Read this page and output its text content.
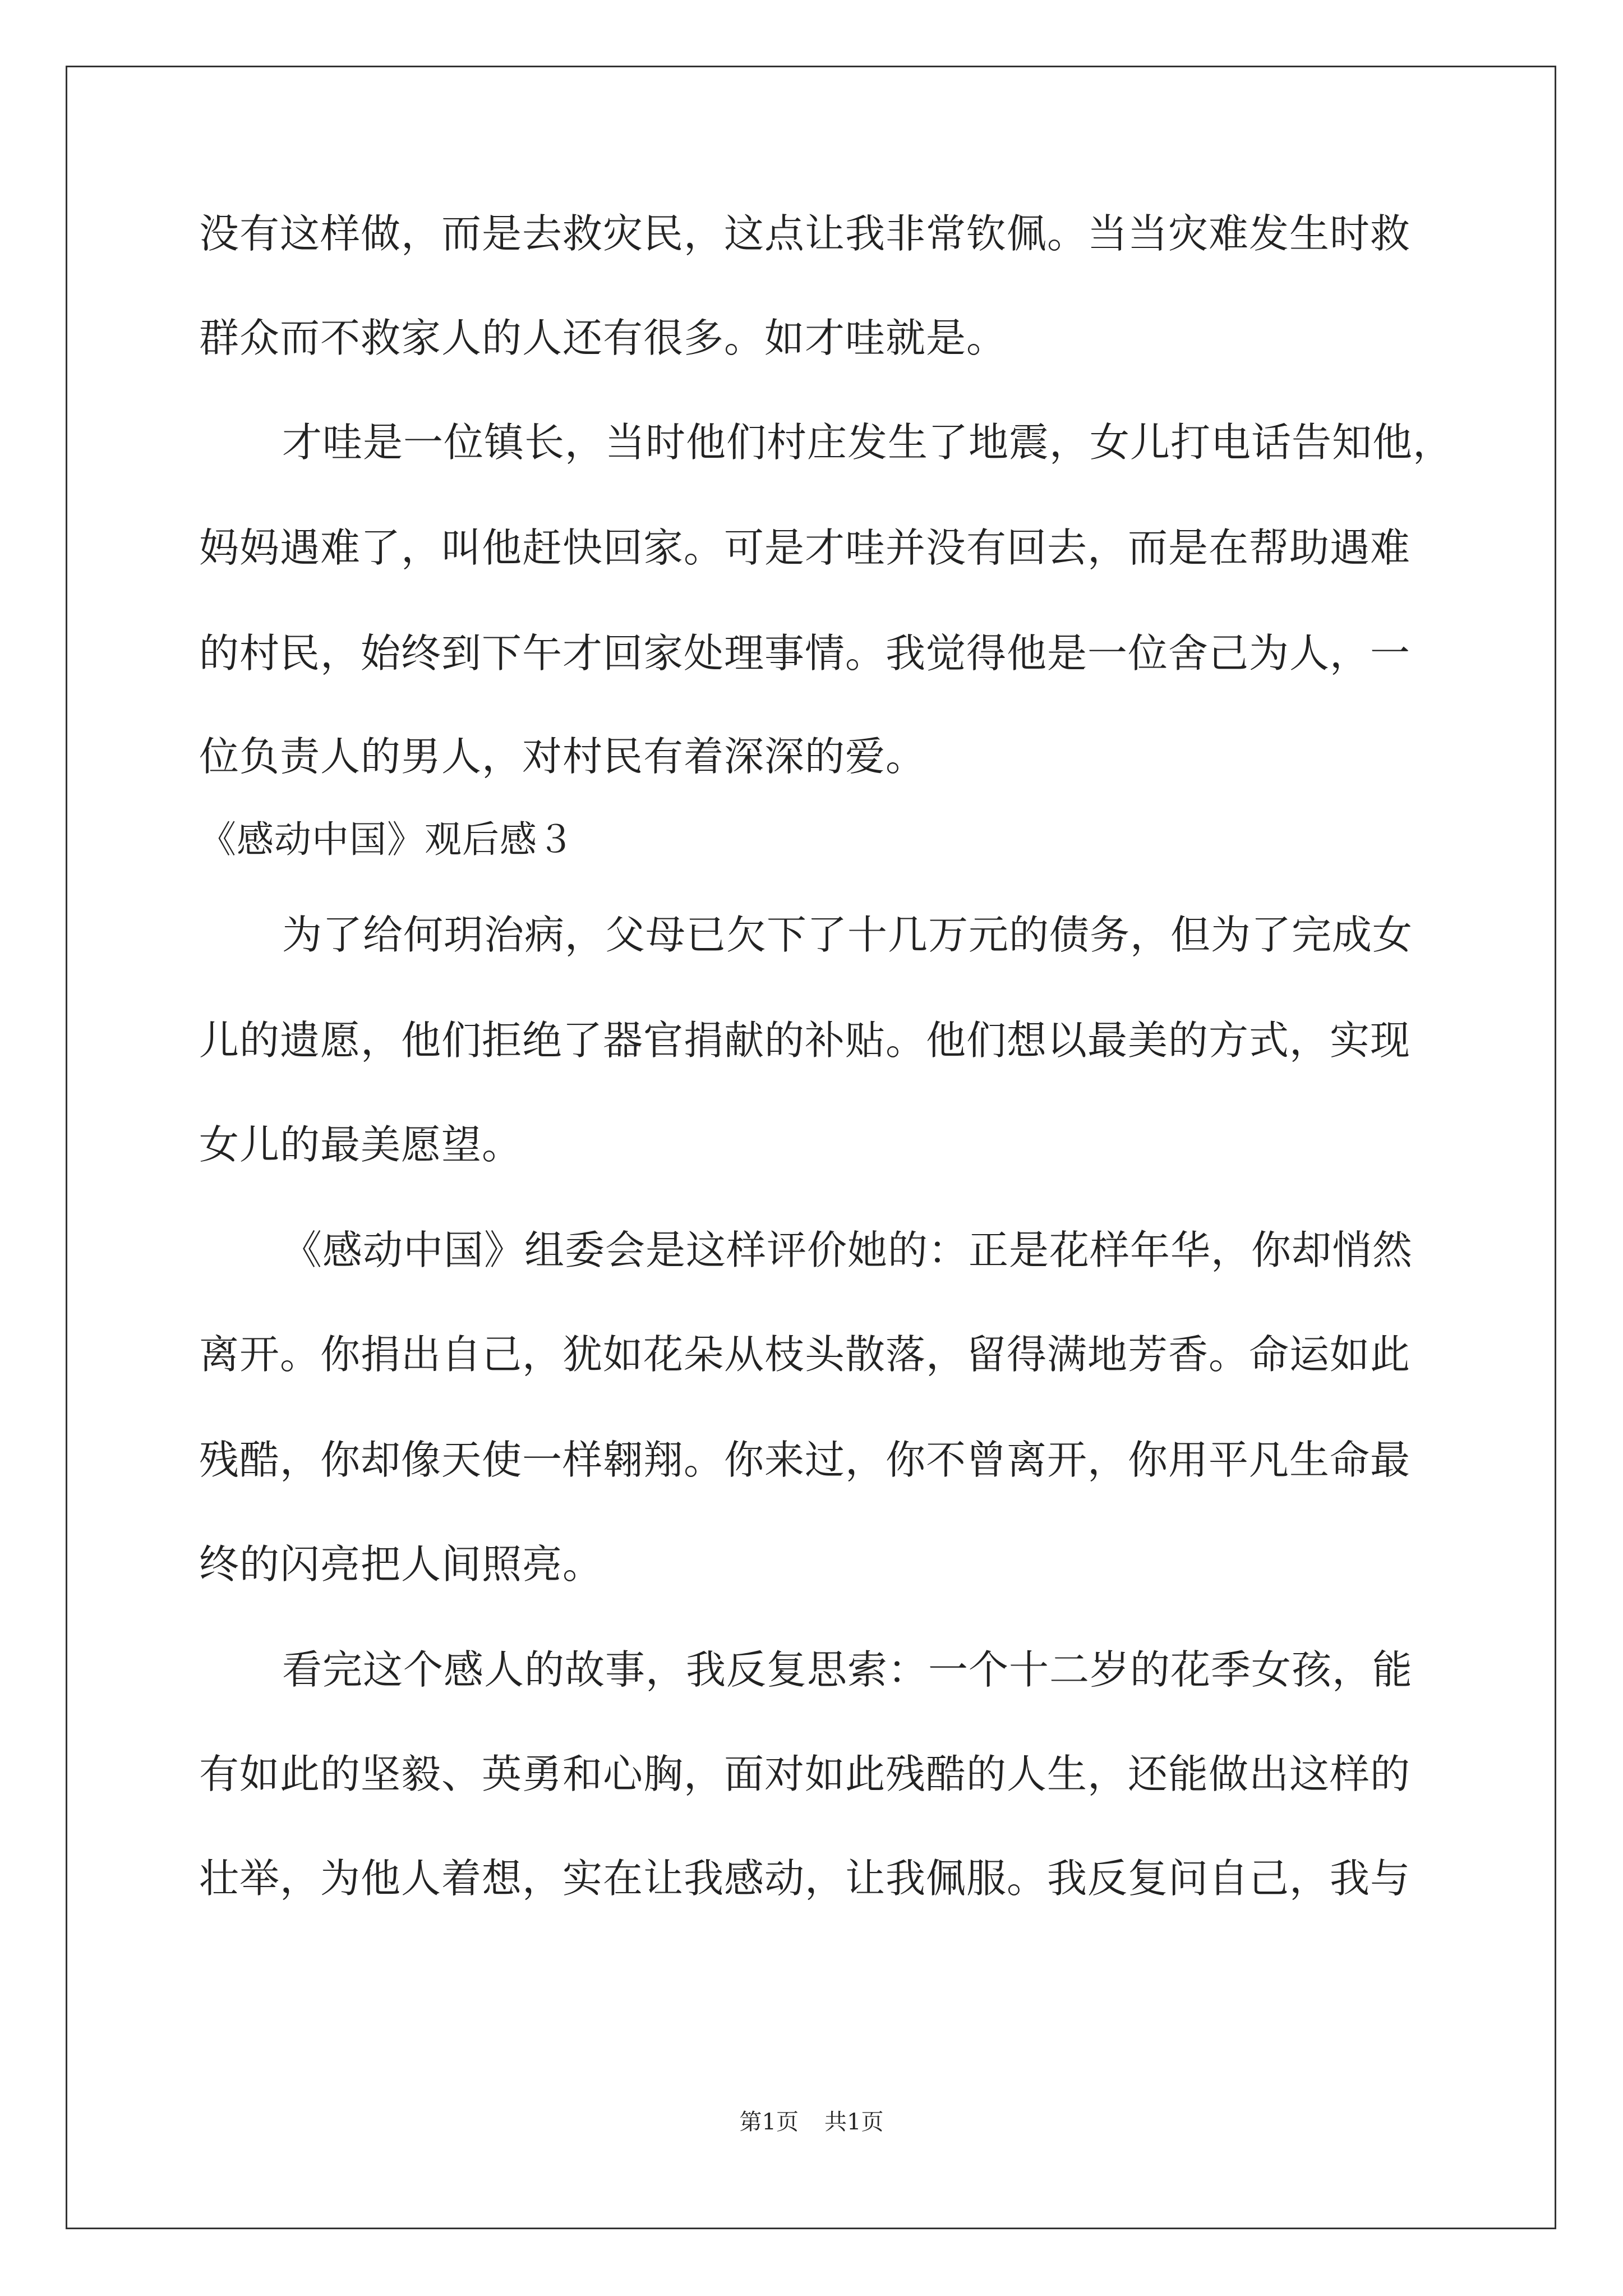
没有这样做，而是去救灾民，这点让我非常钦佩。当当灾难发生时救
群众而不救家人的人还有很多。如才哇就是。
才哇是一位镇长，当时他们村庄发生了地震，女儿打电话告知他，
妈妈遇难了，叫他赶快回家。可是才哇并没有回去，而是在帮助遇难
的村民，始终到下午才回家处理事情。我觉得他是一位舍己为人，一
位负责人的男人，对村民有着深深的爱。
《感动中国》观后感３
为了给何玥治病，父母已欠下了十几万元的债务，但为了完成女
儿的遗愿，他们拒绝了器官捐献的补贴。他们想以最美的方式，实现
女儿的最美愿望。
《感动中国》组委会是这样评价她的：正是花样年华，你却悄然
离开。你捐出自己，犹如花朵从枝头散落，留得满地芳香。命运如此
残酷，你却像天使一样翱翔。你来过，你不曾离开，你用平凡生命最
终的闪亮把人间照亮。
看完这个感人的故事，我反复思索：一个十二岁的花季女孩，能
有如此的坚毅、英勇和心胸，面对如此残酷的人生，还能做出这样的
壮举，为他人着想，实在让我感动，让我佩服。我反复问自己，我与
第1页 共1页
